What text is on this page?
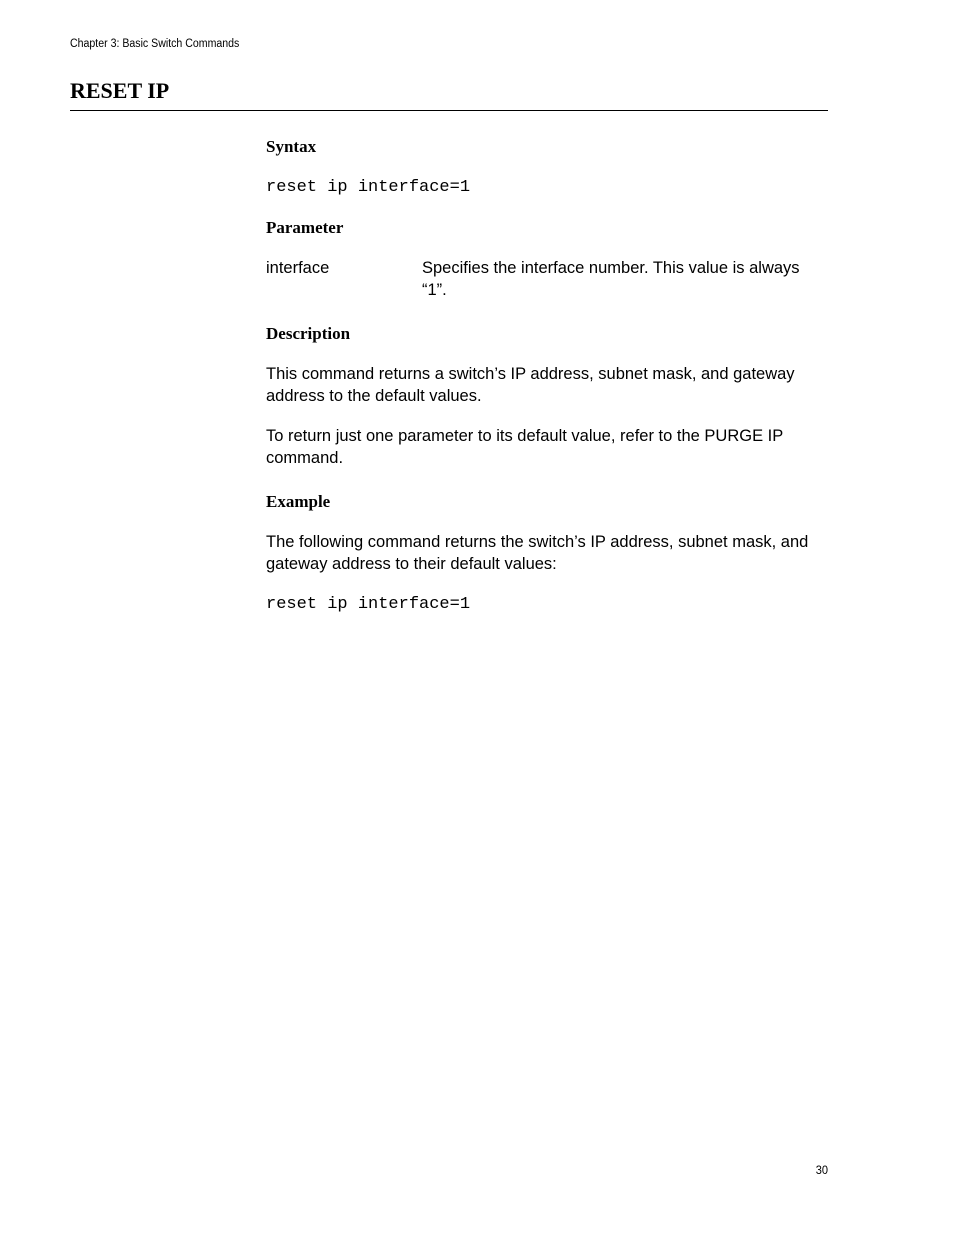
Chapter 3: Basic Switch Commands
RESET IP
Syntax

reset ip interface=1

Parameter

interface	Specifies the interface number. This value is always “1”.

Description

This command returns a switch’s IP address, subnet mask, and gateway address to the default values.

To return just one parameter to its default value, refer to the PURGE IP command.

Example

The following command returns the switch’s IP address, subnet mask, and gateway address to their default values:

reset ip interface=1

30
